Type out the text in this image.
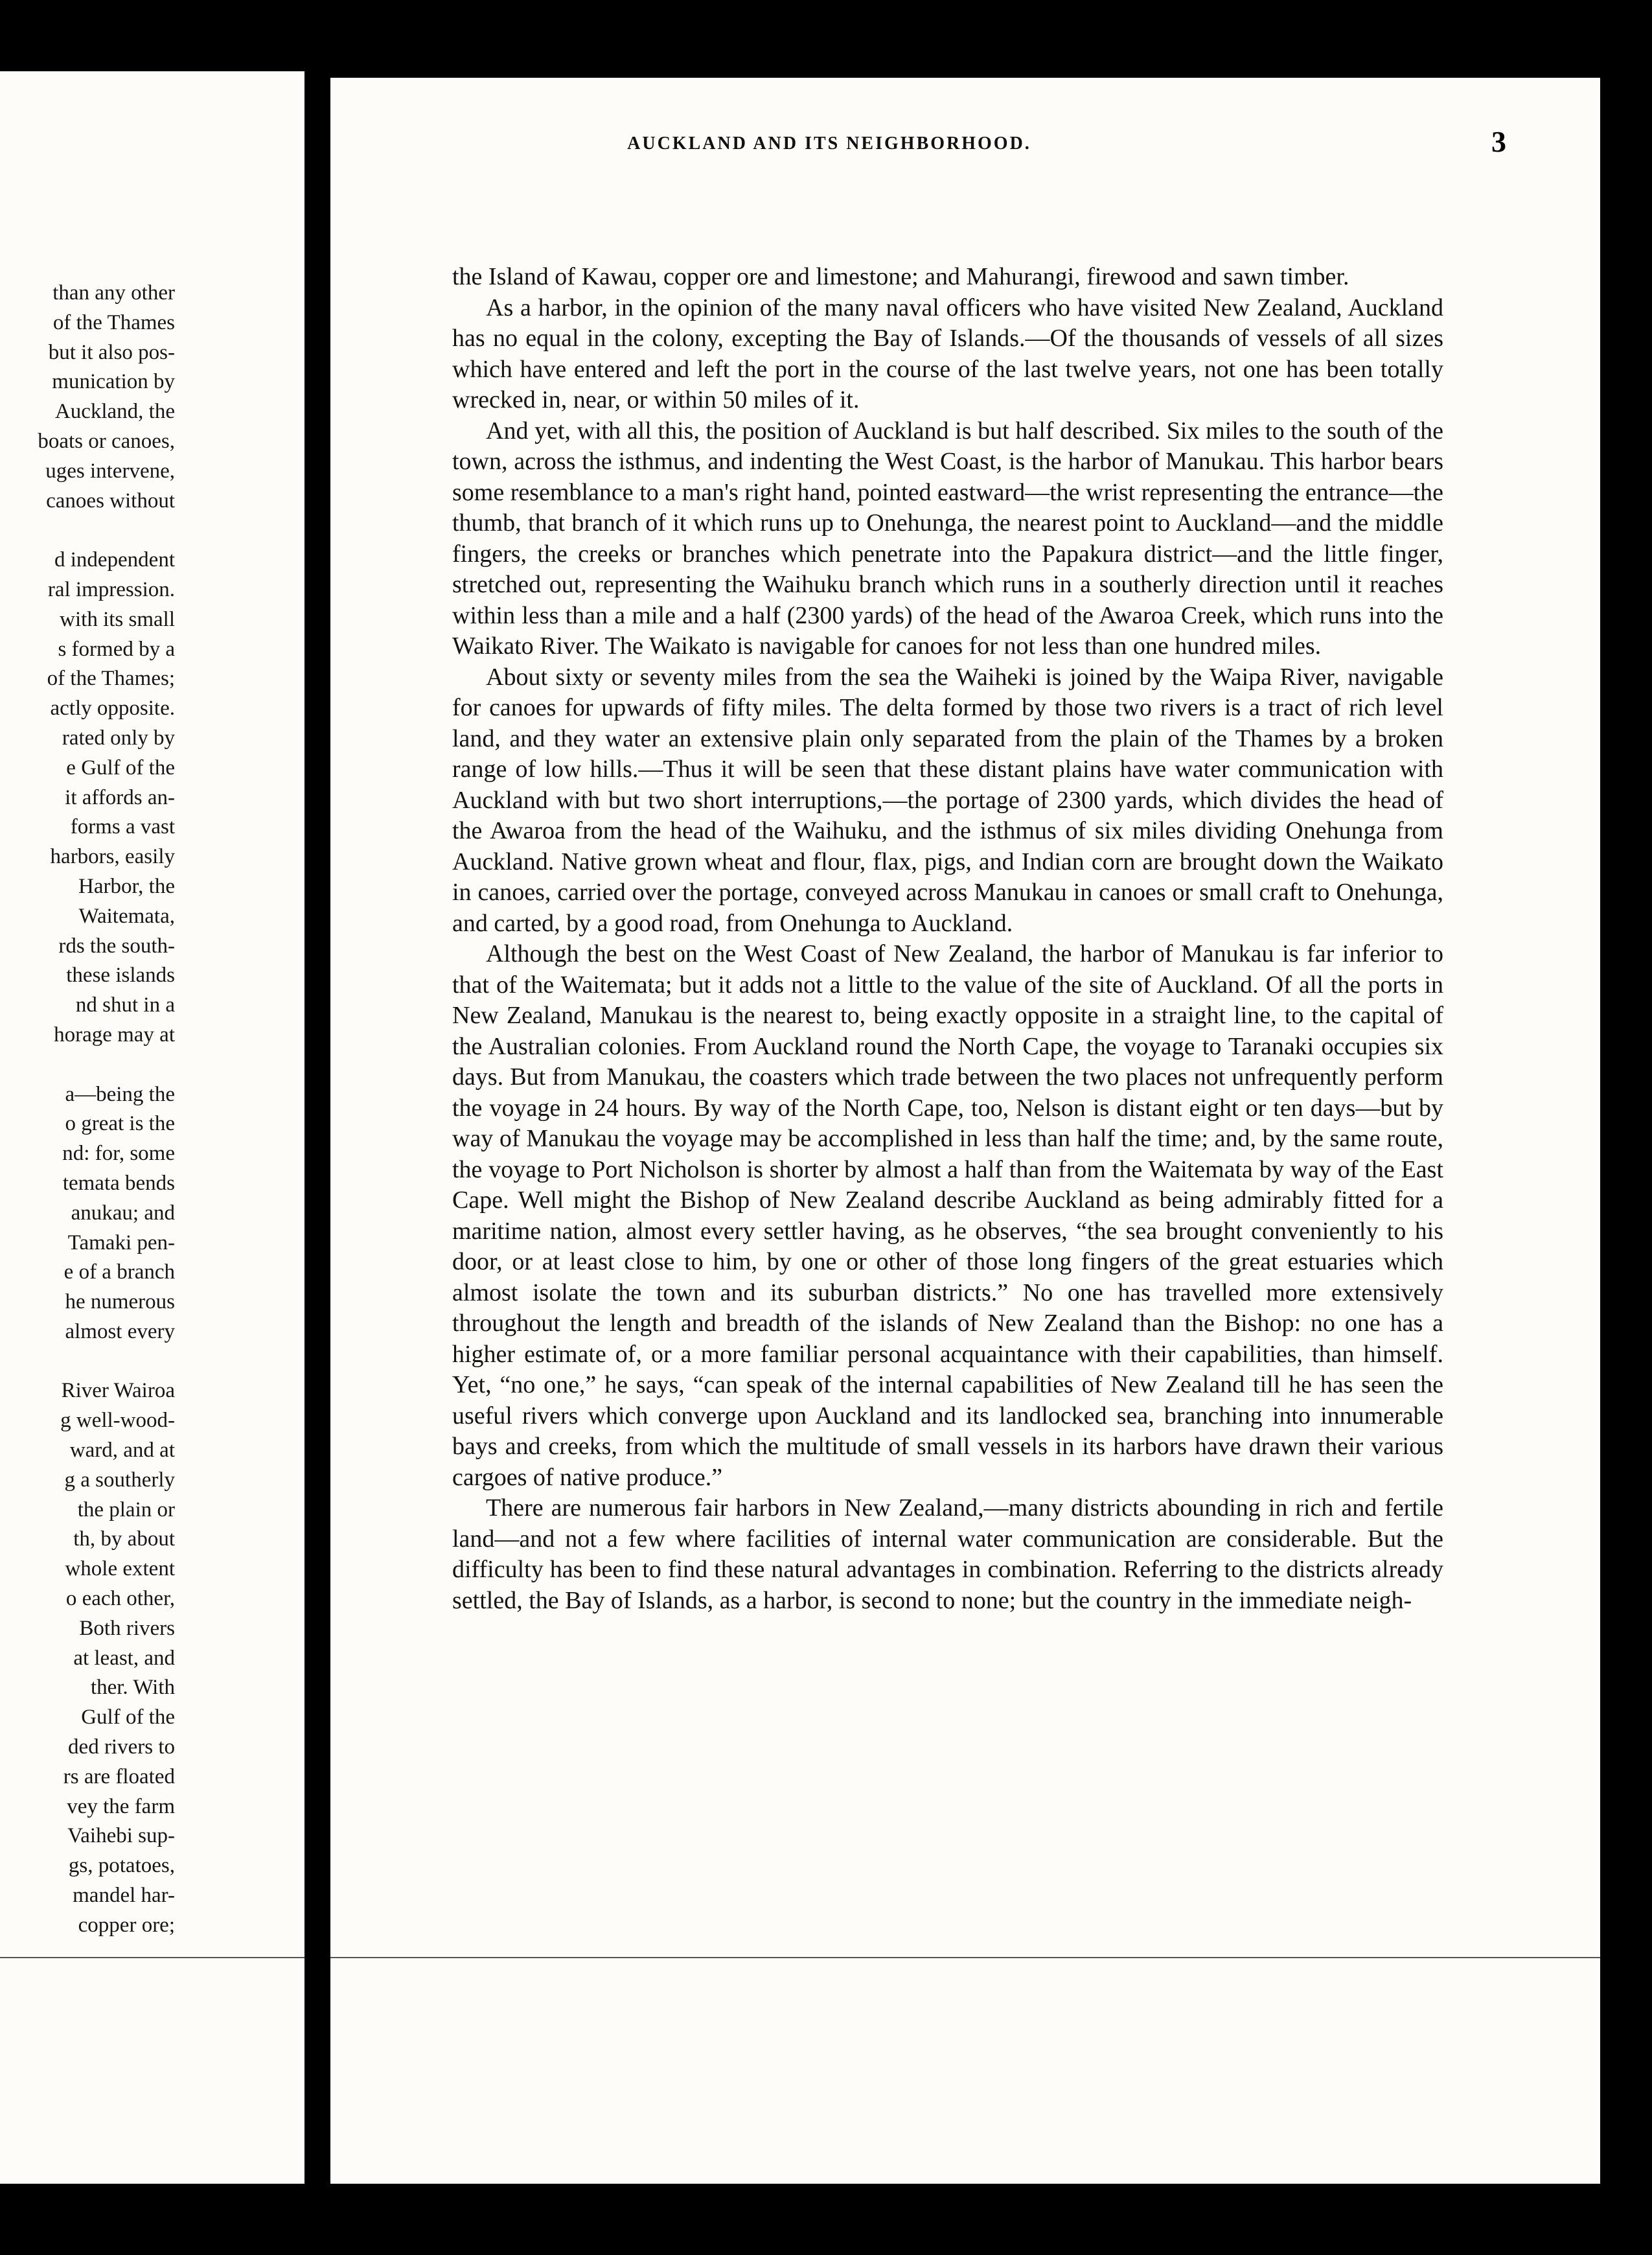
than any other
of the Thames
but it also pos-
munication by
Auckland, the
boats or canoes,
uges intervene,
canoes without
d independent
ral impression.
with its small
s formed by a
of the Thames;
actly opposite.
rated only by
e Gulf of the
it affords an-
forms a vast
harbors, easily
Harbor, the
Waitemata,
rds the south-
these islands
nd shut in a
horage may at
a—being the
o great is the
nd: for, some
temata bends
anukau; and
Tamaki pen-
e of a branch
he numerous
almost every
River Wairoa
g well-wood-
ward, and at
g a southerly
the plain or
th, by about
whole extent
o each other,
Both rivers
at least, and
ther. With
Gulf of the
ded rivers to
rs are floated
vey the farm
Vaihebi sup-
gs, potatoes,
mandel har-
copper ore;
AUCKLAND AND ITS NEIGHBORHOOD.	3

the Island of Kawau, copper ore and limestone; and Mahurangi, firewood and sawn timber.

As a harbor, in the opinion of the many naval officers who have visited New Zealand, Auckland has no equal in the colony, excepting the Bay of Islands.—Of the thousands of vessels of all sizes which have entered and left the port in the course of the last twelve years, not one has been totally wrecked in, near, or within 50 miles of it.

And yet, with all this, the position of Auckland is but half described. Six miles to the south of the town, across the isthmus, and indenting the West Coast, is the harbor of Manukau. This harbor bears some resemblance to a man's right hand, pointed eastward—the wrist representing the entrance—the thumb, that branch of it which runs up to Onehunga, the nearest point to Auckland—and the middle fingers, the creeks or branches which penetrate into the Papakura district—and the little finger, stretched out, representing the Waihuku branch which runs in a southerly direction until it reaches within less than a mile and a half (2300 yards) of the head of the Awaroa Creek, which runs into the Waikato River. The Waikato is navigable for canoes for not less than one hundred miles.

About sixty or seventy miles from the sea the Waiheki is joined by the Waipa River, navigable for canoes for upwards of fifty miles. The delta formed by those two rivers is a tract of rich level land, and they water an extensive plain only separated from the plain of the Thames by a broken range of low hills.—Thus it will be seen that these distant plains have water communication with Auckland with but two short interruptions,—the portage of 2300 yards, which divides the head of the Awaroa from the head of the Waihuku, and the isthmus of six miles dividing Onehunga from Auckland. Native grown wheat and flour, flax, pigs, and Indian corn are brought down the Waikato in canoes, carried over the portage, conveyed across Manukau in canoes or small craft to Onehunga, and carted, by a good road, from Onehunga to Auckland.

Although the best on the West Coast of New Zealand, the harbor of Manukau is far inferior to that of the Waitemata; but it adds not a little to the value of the site of Auckland. Of all the ports in New Zealand, Manukau is the nearest to, being exactly opposite in a straight line, to the capital of the Australian colonies. From Auckland round the North Cape, the voyage to Taranaki occupies six days. But from Manukau, the coasters which trade between the two places not unfrequently perform the voyage in 24 hours. By way of the North Cape, too, Nelson is distant eight or ten days—but by way of Manukau the voyage may be accomplished in less than half the time; and, by the same route, the voyage to Port Nicholson is shorter by almost a half than from the Waitemata by way of the East Cape. Well might the Bishop of New Zealand describe Auckland as being admirably fitted for a maritime nation, almost every settler having, as he observes, “the sea brought conveniently to his door, or at least close to him, by one or other of those long fingers of the great estuaries which almost isolate the town and its suburban districts.” No one has travelled more extensively throughout the length and breadth of the islands of New Zealand than the Bishop: no one has a higher estimate of, or a more familiar personal acquaintance with their capabilities, than himself. Yet, “no one,” he says, “can speak of the internal capabilities of New Zealand till he has seen the useful rivers which converge upon Auckland and its landlocked sea, branching into innumerable bays and creeks, from which the multitude of small vessels in its harbors have drawn their various cargoes of native produce.”

There are numerous fair harbors in New Zealand,—many districts abounding in rich and fertile land—and not a few where facilities of internal water communication are considerable. But the difficulty has been to find these natural advantages in combination. Referring to the districts already settled, the Bay of Islands, as a harbor, is second to none; but the country in the immediate neigh-
